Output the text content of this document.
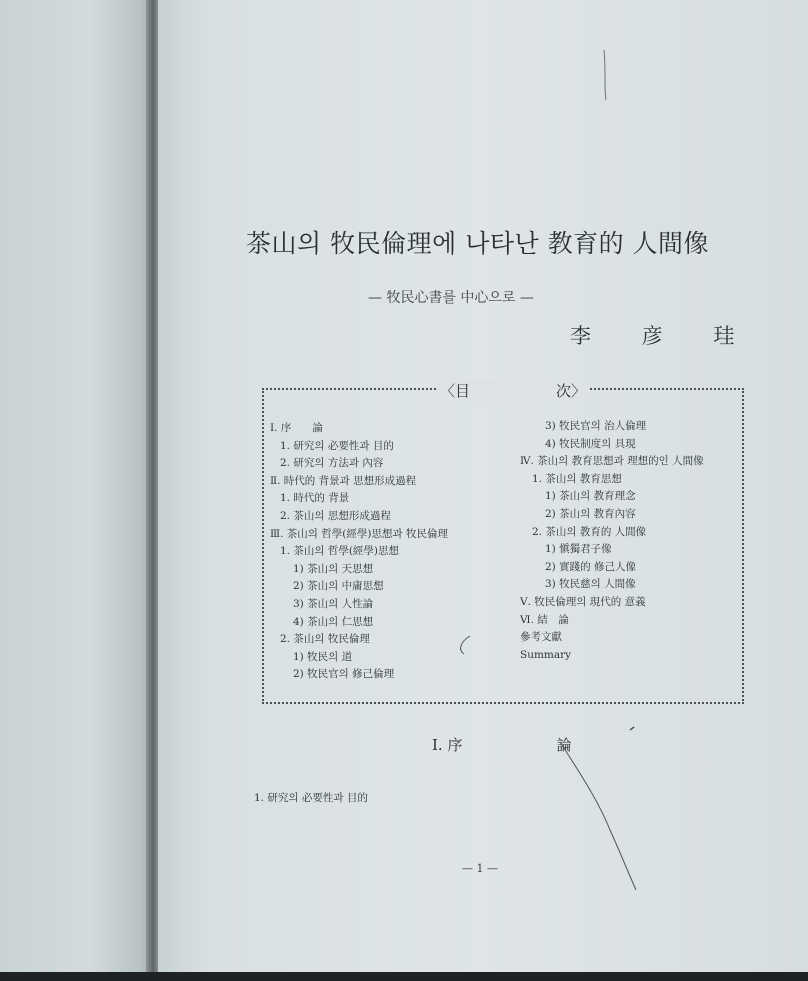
茶山의 牧民倫理에 나타난 教育的 人間像
— 牧民心書를 中心으로 —
李 彦 珪
〈目	次〉
Ⅰ. 序　　論
1. 研究의 必要性과 目的
2. 研究의 方法과 內容
Ⅱ. 時代的 背景과 思想形成過程
1. 時代的 背景
2. 茶山의 思想形成過程
Ⅲ. 茶山의 哲學(經學)思想과 牧民倫理
1. 茶山의 哲學(經學)思想
1) 茶山의 天思想
2) 茶山의 中庸思想
3) 茶山의 人性論
4) 茶山의 仁思想
2. 茶山의 牧民倫理
1) 牧民의 道
2) 牧民官의 修己倫理
3) 牧民官의 治人倫理
4) 牧民制度의 具現
Ⅳ. 茶山의 教育思想과 理想的인 人間像
1. 茶山의 教育思想
1) 茶山의 教育理念
2) 茶山의 教育內容
2. 茶山의 教育的 人間像
1) 愼獨君子像
2) 實踐的 修己人像
3) 牧民慈의 人間像
Ⅴ. 牧民倫理의 現代的 意義
Ⅵ. 結　論
參考文獻
Summary
Ⅰ. 序	論
1. 研究의 必要性과 目的
— 1 —
